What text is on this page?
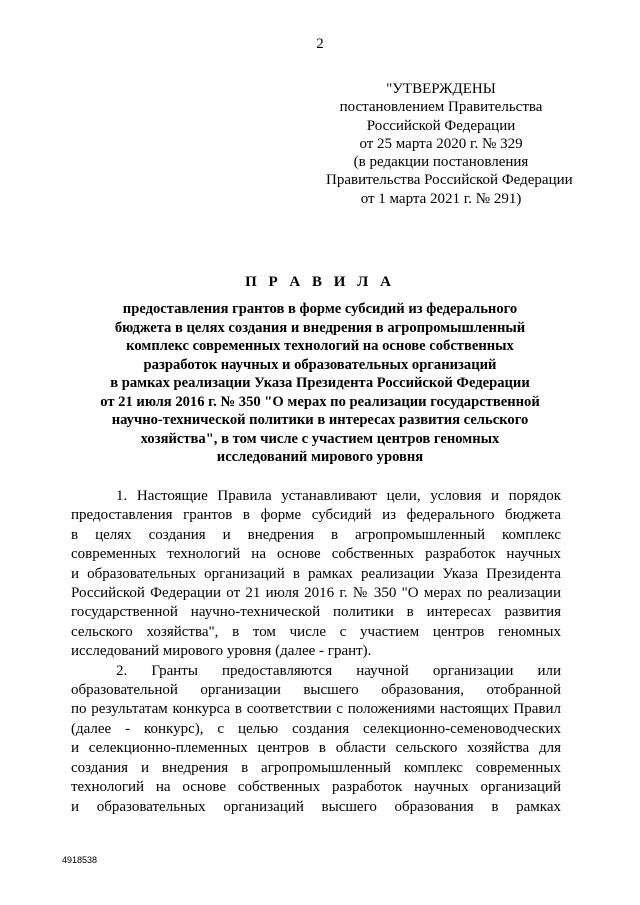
2
"УТВЕРЖДЕНЫ
постановлением Правительства
Российской Федерации
от 25 марта 2020 г. № 329
(в редакции постановления
Правительства Российской Федерации
от 1 марта 2021 г. № 291)
П Р А В И Л А
предоставления грантов в форме субсидий из федерального
бюджета в целях создания и внедрения в агропромышленный
комплекс современных технологий на основе собственных
разработок научных и образовательных организаций
в рамках реализации Указа Президента Российской Федерации
от 21 июля 2016 г. № 350 "О мерах по реализации государственной
научно-технической политики в интересах развития сельского
хозяйства", в том числе с участием центров геномных
исследований мирового уровня
1. Настоящие Правила устанавливают цели, условия и порядок
предоставления грантов в форме субсидий из федерального бюджета
в целях создания и внедрения в агропромышленный комплекс
современных технологий на основе собственных разработок научных
и образовательных организаций в рамках реализации Указа Президента
Российской Федерации от 21 июля 2016 г. № 350 "О мерах по реализации
государственной научно-технической политики в интересах развития
сельского хозяйства", в том числе с участием центров геномных
исследований мирового уровня (далее - грант).
2. Гранты предоставляются научной организации или
образовательной организации высшего образования, отобранной
по результатам конкурса в соответствии с положениями настоящих Правил
(далее - конкурс), с целью создания селекционно-семеноводческих
и селекционно-племенных центров в области сельского хозяйства для
создания и внедрения в агропромышленный комплекс современных
технологий на основе собственных разработок научных организаций
и образовательных организаций высшего образования в рамках
4918538
